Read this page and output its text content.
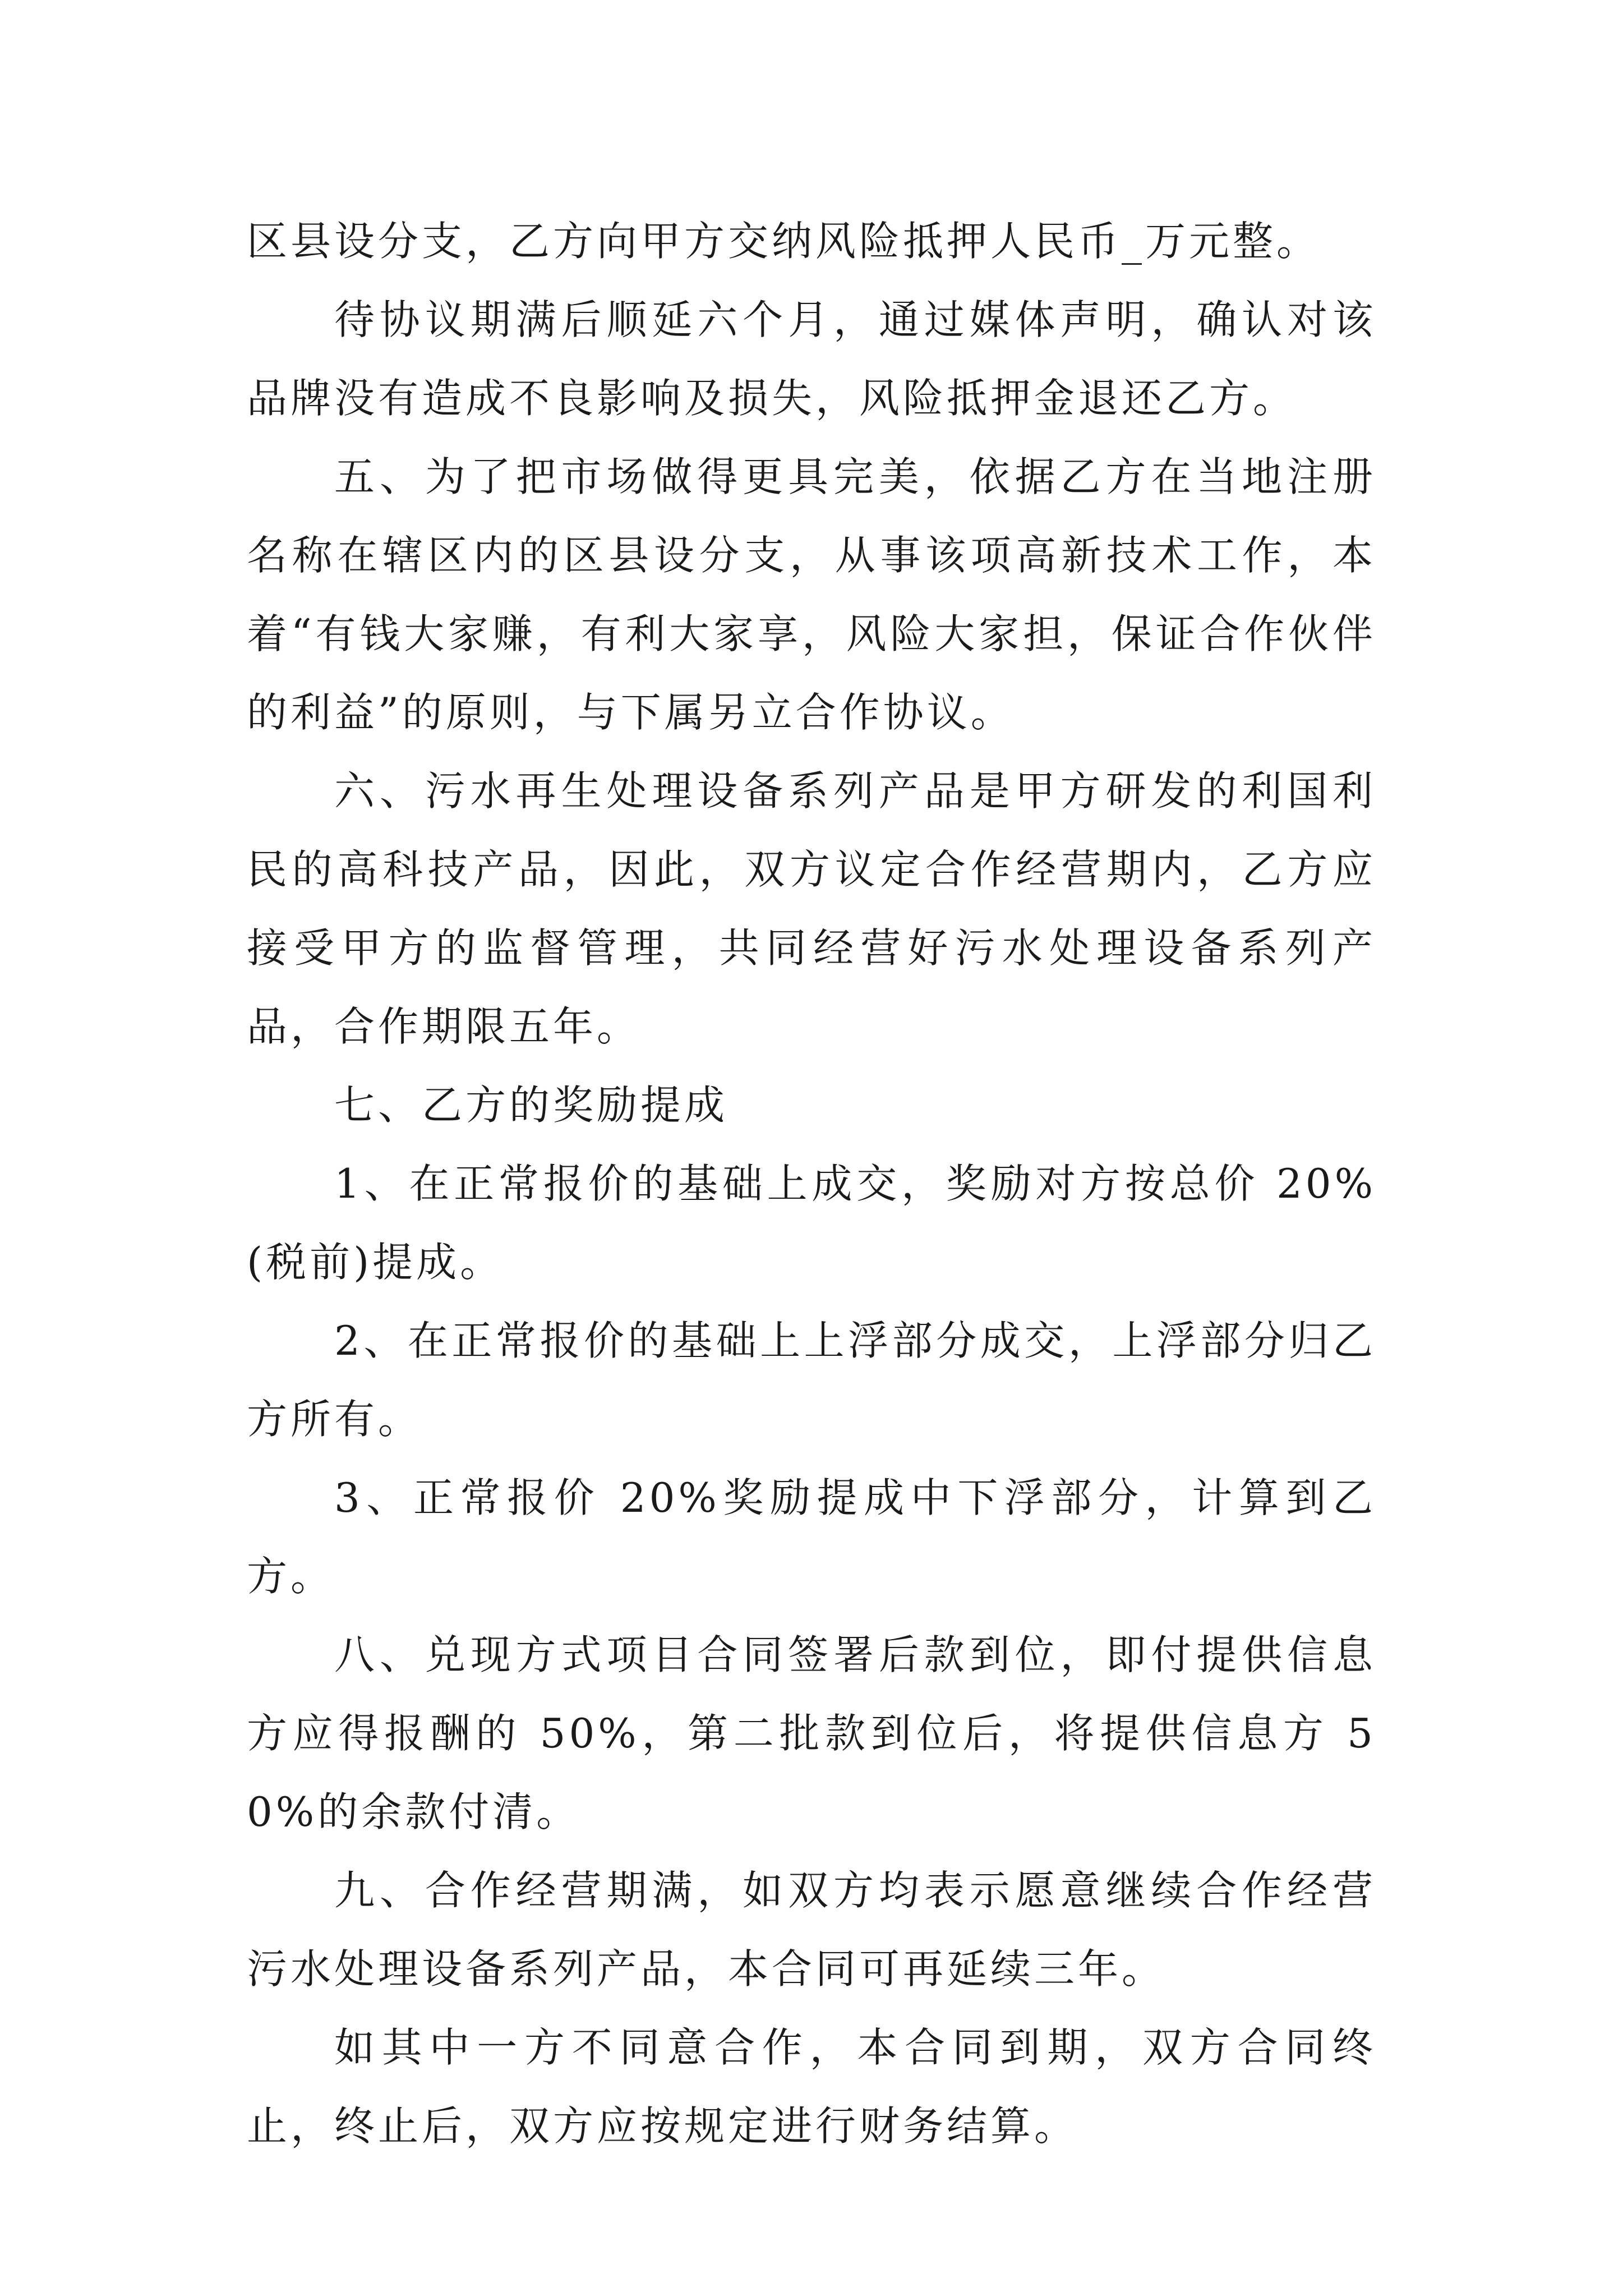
区县设分支，乙方向甲方交纳风险抵押人民币_万元整。

待协议期满后顺延六个月，通过媒体声明，确认对该品牌没有造成不良影响及损失，风险抵押金退还乙方。

五、为了把市场做得更具完美，依据乙方在当地注册名称在辖区内的区县设分支，从事该项高新技术工作，本着“有钱大家赚，有利大家享，风险大家担，保证合作伙伴的利益”的原则，与下属另立合作协议。

六、污水再生处理设备系列产品是甲方研发的利国利民的高科技产品，因此，双方议定合作经营期内，乙方应接受甲方的监督管理，共同经营好污水处理设备系列产品，合作期限五年。

七、乙方的奖励提成

1、在正常报价的基础上成交，奖励对方按总价 20%(税前)提成。

2、在正常报价的基础上上浮部分成交，上浮部分归乙方所有。

3、正常报价 20%奖励提成中下浮部分，计算到乙方。

八、兑现方式项目合同签署后款到位，即付提供信息方应得报酬的 50%，第二批款到位后，将提供信息方 50%的余款付清。

九、合作经营期满，如双方均表示愿意继续合作经营污水处理设备系列产品，本合同可再延续三年。

如其中一方不同意合作，本合同到期，双方合同终止，终止后，双方应按规定进行财务结算。
